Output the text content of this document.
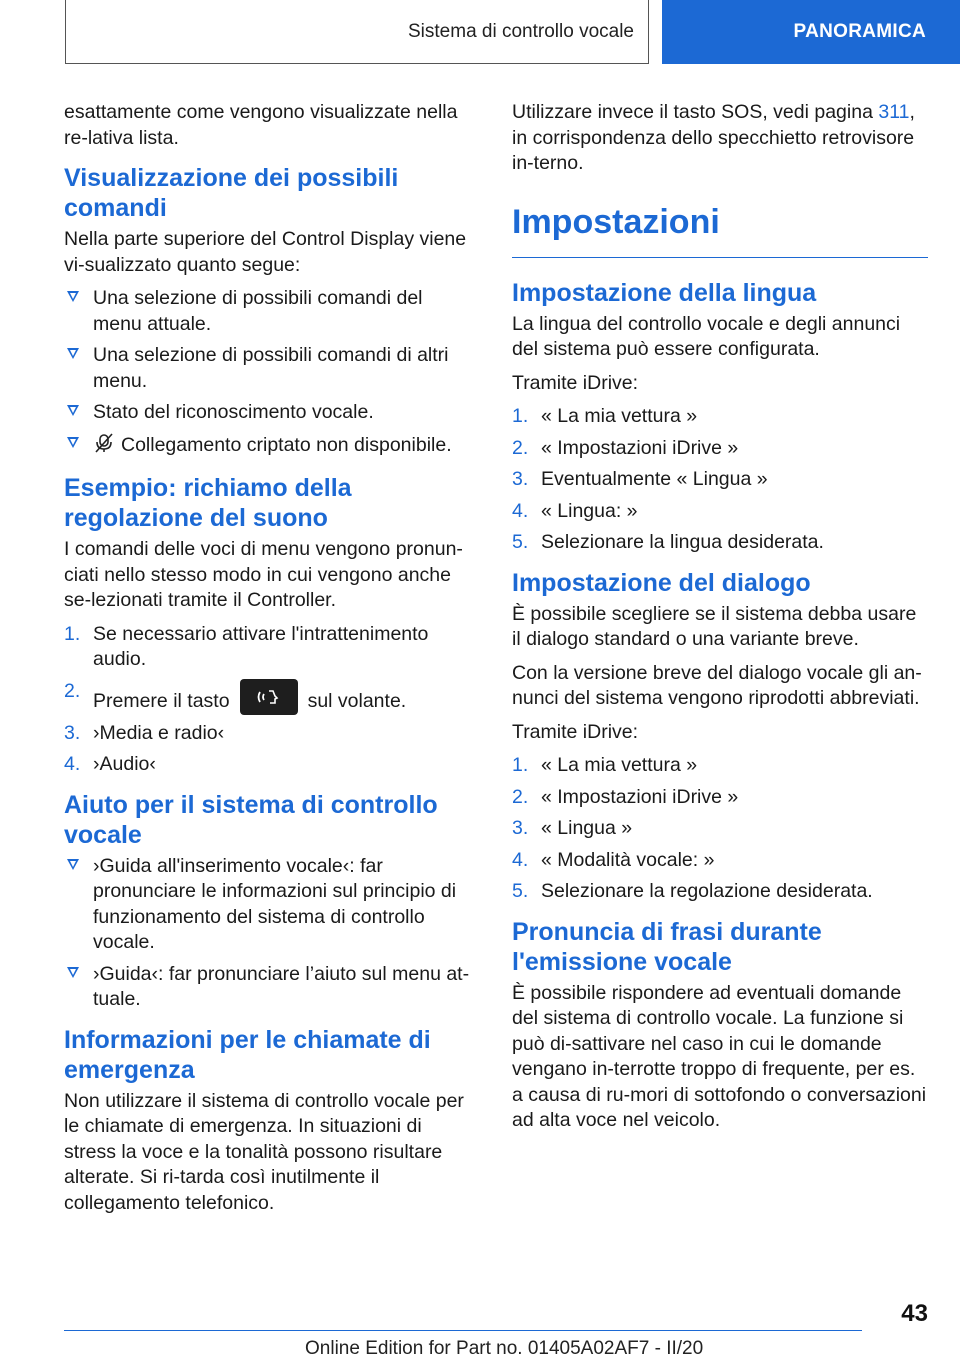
Sistema di controllo vocale	PANORAMICA

esattamente come vengono visualizzate nella re-lativa lista.

Visualizzazione dei possibili comandi

Nella parte superiore del Control Display viene vi-sualizzato quanto segue:

Una selezione di possibili comandi del menu attuale.
Una selezione di possibili comandi di altri menu.
Stato del riconoscimento vocale.
Collegamento criptato non disponibile.
Esempio: richiamo della regolazione del suono

I comandi delle voci di menu vengono pronun-ciati nello stesso modo in cui vengono anche se-lezionati tramite il Controller.

1. Se necessario attivare l'intrattenimento audio.
2. Premere il tasto	sul volante.
3. ›Media e radio‹
4. ›Audio‹
Aiuto per il sistema di controllo vocale
›Guida all'inserimento vocale‹: far pronunciare le informazioni sul principio di funzionamento del sistema di controllo vocale.
›Guida‹: far pronunciare l’aiuto sul menu at-tuale.
Informazioni per le chiamate di emergenza

Non utilizzare il sistema di controllo vocale per le chiamate di emergenza. In situazioni di stress la voce e la tonalità possono risultare alterate. Si ri-tarda così inutilmente il collegamento telefonico.

Utilizzare invece il tasto SOS, vedi pagina 311, in corrispondenza dello specchietto retrovisore in-terno.

Impostazioni
Impostazione della lingua

La lingua del controllo vocale e degli annunci del sistema può essere configurata.

Tramite iDrive:

1. « La mia vettura »
2. « Impostazioni iDrive »
3. Eventualmente « Lingua »
4. « Lingua: »
5. Selezionare la lingua desiderata.
Impostazione del dialogo

È possibile scegliere se il sistema debba usare il dialogo standard o una variante breve.

Con la versione breve del dialogo vocale gli an-nunci del sistema vengono riprodotti abbreviati.

Tramite iDrive:

1. « La mia vettura »
2. « Impostazioni iDrive »
3. « Lingua »
4. « Modalità vocale: »
5. Selezionare la regolazione desiderata.
Pronuncia di frasi durante l'emissione vocale

È possibile rispondere ad eventuali domande del sistema di controllo vocale. La funzione si può di-sattivare nel caso in cui le domande vengano in-terrotte troppo di frequente, per es. a causa di ru-mori di sottofondo o conversazioni ad alta voce nel veicolo.

43
Online Edition for Part no. 01405A02AF7 - II/20
